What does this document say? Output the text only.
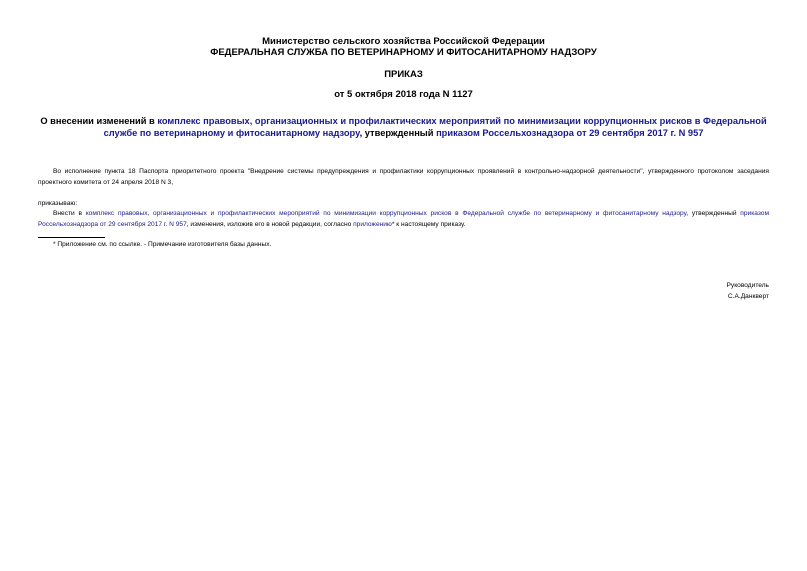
Министерство сельского хозяйства Российской Федерации
ФЕДЕРАЛЬНАЯ СЛУЖБА ПО ВЕТЕРИНАРНОМУ И ФИТОСАНИТАРНОМУ НАДЗОРУ
ПРИКАЗ
от 5 октября 2018 года N 1127
О внесении изменений в комплекс правовых, организационных и профилактических мероприятий по минимизации коррупционных рисков в Федеральной службе по ветеринарному и фитосанитарному надзору, утвержденный приказом Россельхознадзора от 29 сентября 2017 г. N 957
Во исполнение пункта 18 Паспорта приоритетного проекта "Внедрение системы предупреждения и профилактики коррупционных проявлений в контрольно-надзорной деятельности", утвержденного протоколом заседания проектного комитета от 24 апреля 2018 N 3,
приказываю:
Внести в комплекс правовых, организационных и профилактических мероприятий по минимизации коррупционных рисков в Федеральной службе по ветеринарному и фитосанитарному надзору, утвержденный приказом Россельхознадзора от 29 сентября 2017 г. N 957, изменения, изложив его в новой редакции, согласно приложению* к настоящему приказу.
* Приложение см. по ссылке. - Примечание изготовителя базы данных.
Руководитель
С.А.Данкверт
